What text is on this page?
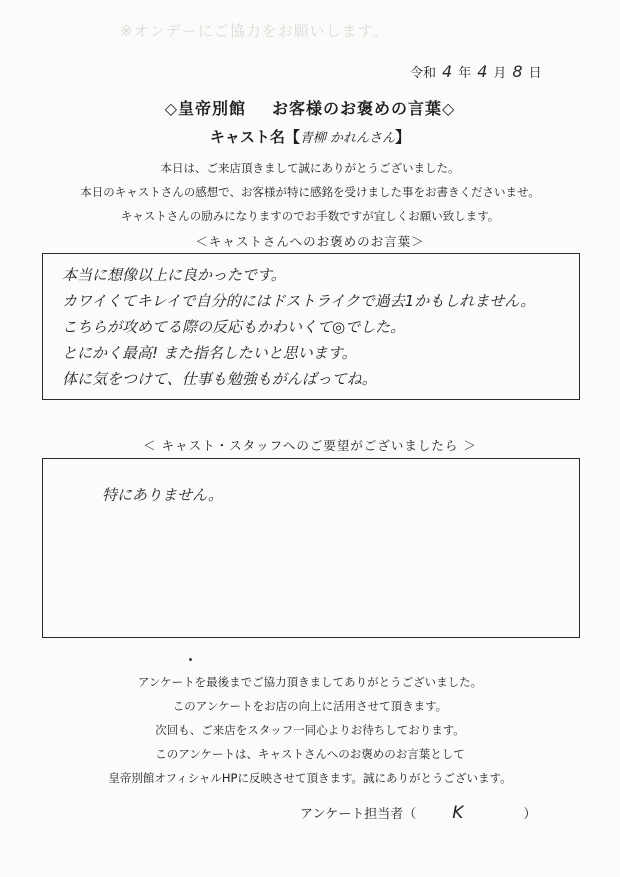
※オンデーにご協力をお願いします。
令和 4 年 4 月 8 日
◇皇帝別館 お客様のお褒めの言葉◇
キャスト名【青柳 かれんさん】
本日は、ご来店頂きまして誠にありがとうございました。
本日のキャストさんの感想で、お客様が特に感銘を受けました事をお書きくださいませ。
キャストさんの励みになりますのでお手数ですが宜しくお願い致します。
＜キャストさんへのお褒めのお言葉＞
本当に想像以上に良かったです。
カワイくてキレイで自分的にはドストライクで過去1かもしれません。
こちらが攻めてる際の反応もかわいくて◎でした。
とにかく最高! また指名したいと思います。
体に気をつけて、仕事も勉強もがんばってね。
＜ キャスト・スタッフへのご要望がございましたら ＞
特にありません。
アンケートを最後までご協力頂きましてありがとうございました。
このアンケートをお店の向上に活用させて頂きます。
次回も、ご来店をスタッフ一同心よりお待ちしております。
このアンケートは、キャストさんへのお褒めのお言葉として
皇帝別館オフィシャルHPに反映させて頂きます。誠にありがとうございます。
アンケート担当者（ K	）
